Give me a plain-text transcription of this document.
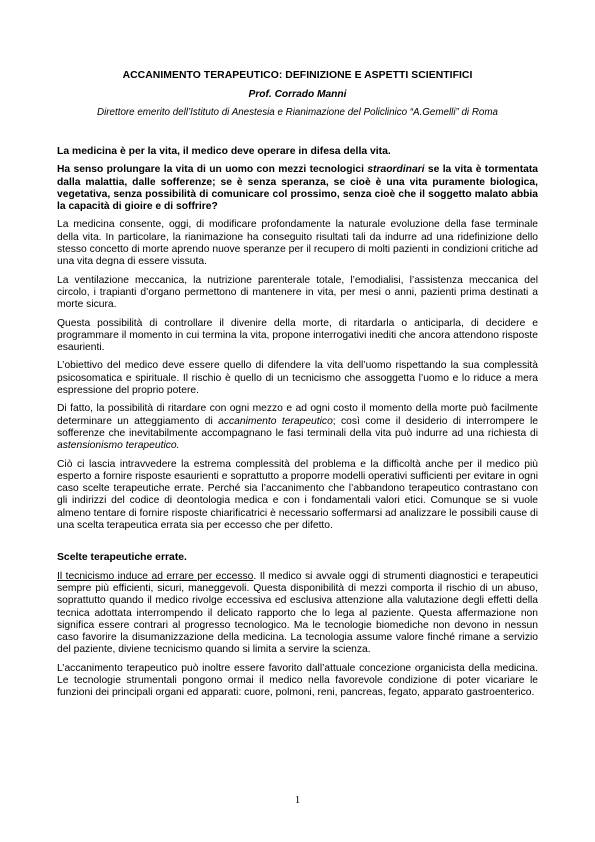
ACCANIMENTO TERAPEUTICO: DEFINIZIONE E ASPETTI SCIENTIFICI
Prof. Corrado Manni
Direttore emerito dell’Istituto di Anestesia e Rianimazione del Policlinico “A.Gemelli” di Roma
La medicina è per la vita, il medico deve operare in difesa della vita.

Ha senso prolungare la vita di un uomo con mezzi tecnologici straordinari se la vita è tormentata dalla malattia, dalle sofferenze; se è senza speranza, se cioè è una vita puramente biologica, vegetativa, senza possibilità di comunicare col prossimo, senza cioè che il soggetto malato abbia la capacità di gioire e di soffrire?

La medicina consente, oggi, di modificare profondamente la naturale evoluzione della fase terminale della vita. In particolare, la rianimazione ha conseguito risultati tali da indurre ad una ridefinizione dello stesso concetto di morte aprendo nuove speranze per il recupero di molti pazienti in condizioni critiche ad una vita degna di essere vissuta.

La ventilazione meccanica, la nutrizione parenterale totale, l’emodialisi, l’assistenza meccanica del circolo, i trapianti d’organo permettono di mantenere in vita, per mesi o anni, pazienti prima destinati a morte sicura.

Questa possibilità di controllare il divenire della morte, di ritardarla o anticiparla, di decidere e programmare il momento in cui termina la vita, propone interrogativi inediti che ancora attendono risposte esaurienti.

L’obiettivo del medico deve essere quello di difendere la vita dell’uomo rispettando la sua complessità psicosomatica e spirituale. Il rischio è quello di un tecnicismo che assoggetta l’uomo e lo riduce a mera espressione del proprio potere.

Di fatto, la possibilità di ritardare con ogni mezzo e ad ogni costo il momento della morte può facilmente determinare un atteggiamento di accanimento terapeutico; così come il desiderio di interrompere le sofferenze che inevitabilmente accompagnano le fasi terminali della vita può indurre ad una richiesta di astensionismo terapeutico.

Ciò ci lascia intravvedere la estrema complessità del problema e la difficoltà anche per il medico più esperto a fornire risposte esaurienti e soprattutto a proporre modelli operativi sufficienti per evitare in ogni caso scelte terapeutiche errate. Perché sia l’accanimento che l’abbandono terapeutico contrastano con gli indirizzi del codice di deontologia medica e con i fondamentali valori etici. Comunque se si vuole almeno tentare di fornire risposte chiarificatrici è necessario soffermarsi ad analizzare le possibili cause di una scelta terapeutica errata sia per eccesso che per difetto.

Scelte terapeutiche errate.

Il tecnicismo induce ad errare per eccesso. Il medico si avvale oggi di strumenti diagnostici e terapeutici sempre più efficienti, sicuri, maneggevoli. Questa disponibilità di mezzi comporta il rischio di un abuso, soprattutto quando il medico rivolge eccessiva ed esclusiva attenzione alla valutazione degli effetti della tecnica adottata interrompendo il delicato rapporto che lo lega al paziente. Questa affermazione non significa essere contrari al progresso tecnologico. Ma le tecnologie biomediche non devono in nessun caso favorire la disumanizzazione della medicina. La tecnologia assume valore finché rimane a servizio del paziente, diviene tecnicismo quando si limita a servire la scienza.

L’accanimento terapeutico può inoltre essere favorito dall’attuale concezione organicista della medicina. Le tecnologie strumentali pongono ormai il medico nella favorevole condizione di poter vicariare le funzioni dei principali organi ed apparati: cuore, polmoni, reni, pancreas, fegato, apparato gastroenterico.

1
